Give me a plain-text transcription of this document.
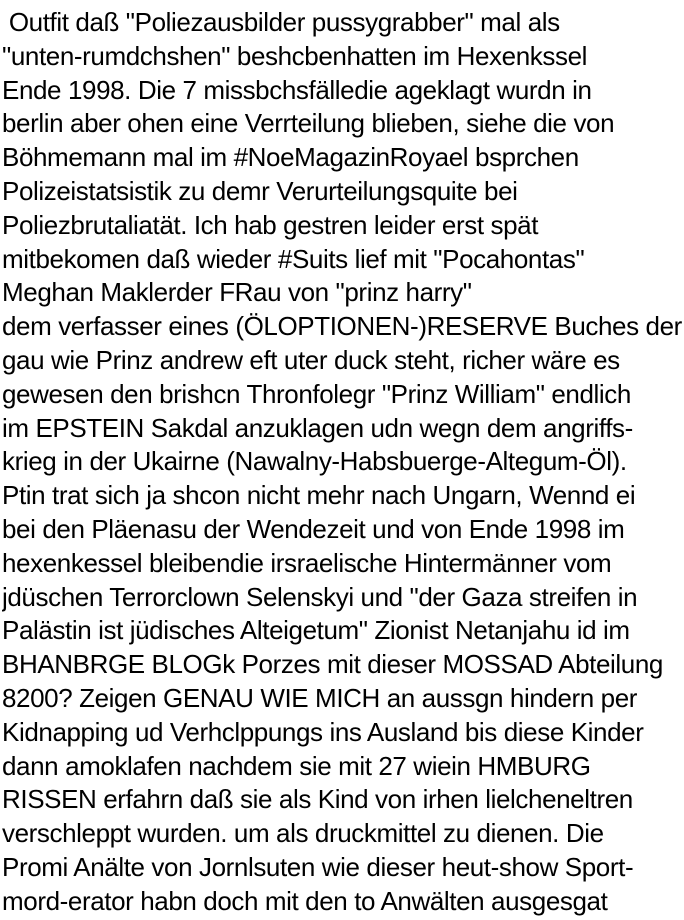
Outfit daß "Poliezausbilder pussygrabber" mal als
"unten-rumdchshen" beshcbenhatten im Hexenkssel
Ende 1998. Die 7 missbchsfälledie ageklagt wurdn in
berlin aber ohen eine Verrteilung blieben, siehe die von
Böhmemann mal im #NoeMagazinRoyael bsprchen
Polizeistatsistik zu demr Verurteilungsquite bei
Poliezbrutaliatät. Ich hab gestren leider erst spät
mitbekomen daß wieder #Suits lief mit "Pocahontas"
Meghan Maklerder FRau von "prinz harry"
dem verfasser eines (ÖLOPTIONEN-)RESERVE Buches der
gau wie Prinz andrew eft uter duck steht, richer wäre es
gewesen den brishcn Thronfolegr "Prinz William" endlich
im EPSTEIN Sakdal anzuklagen udn wegn dem angriffs-
krieg in der Ukairne (Nawalny-Habsbuerge-Altegum-Öl).
Ptin trat sich ja shcon nicht mehr nach Ungarn, Wennd ei
bei den Pläenasu der Wendezeit und von Ende 1998 im
hexenkessel bleibendie irsraelische Hintermänner vom
jdüschen Terrorclown Selenskyi und "der Gaza streifen in
Palästin ist jüdisches Alteigetum" Zionist Netanjahu id im
BHANBRGE BLOGk Porzes mit dieser MOSSAD Abteilung
8200? Zeigen GENAU WIE MICH an aussgn hindern per
Kidnapping ud Verhclppungs ins Ausland bis diese Kinder
dann amoklafen nachdem sie mit 27 wiein HMBURG
RISSEN erfahrn daß sie als Kind von irhen lielcheneltren
verschleppt wurden. um als druckmittel zu dienen. Die
Promi Anälte von Jornlsuten wie dieser heut-show Sport-
mord-erator habn doch mit den to Anwälten ausgesgat
